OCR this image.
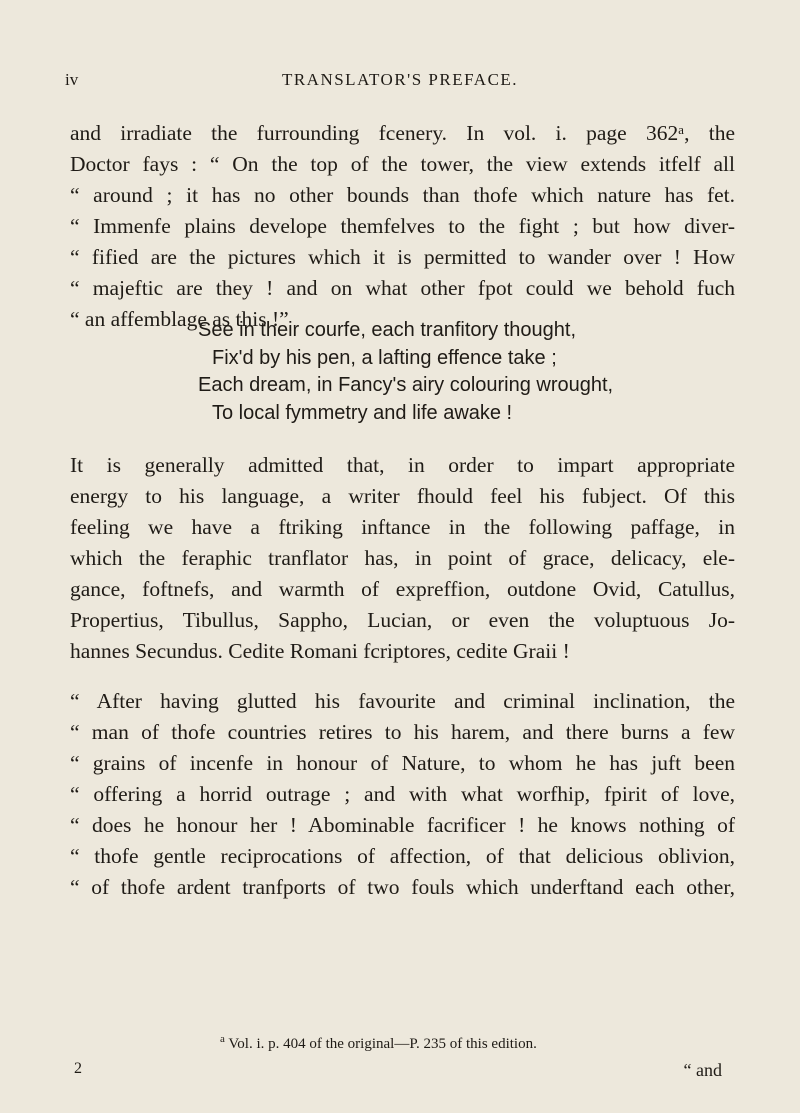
iv	TRANSLATOR'S PREFACE.
and irradiate the furrounding fcenery. In vol. i. page 362ᵃ, the
Doctor fays : “ On the top of the tower, the view extends itfelf all
“ around ; it has no other bounds than thofe which nature has fet.
“ Immenfe plains develope themfelves to the fight ; but how diver-
“ fified are the pictures which it is permitted to wander over ! How
“ majeftic are they ! and on what other fpot could we behold fuch
“ an affemblage as this !”
See in their courfe, each tranfitory thought,
Fix'd by his pen, a lafting effence take ;
Each dream, in Fancy's airy colouring wrought,
To local fymmetry and life awake !
It is generally admitted that, in order to impart appropriate
energy to his language, a writer fhould feel his fubject. Of this
feeling we have a ftriking inftance in the following paffage, in
which the feraphic tranflator has, in point of grace, delicacy, ele-
gance, foftnefs, and warmth of expreffion, outdone Ovid, Catullus,
Propertius, Tibullus, Sappho, Lucian, or even the voluptuous Jo-
hannes Secundus. Cedite Romani fcriptores, cedite Graii !
“ After having glutted his favourite and criminal inclination, the
“ man of thofe countries retires to his harem, and there burns a few
“ grains of incenfe in honour of Nature, to whom he has juft been
“ offering a horrid outrage ; and with what worfhip, fpirit of love,
“ does he honour her ! Abominable facrificer ! he knows nothing of
“ thofe gentle reciprocations of affection, of that delicious oblivion,
“ of thofe ardent tranfports of two fouls which underftand each other,
$^a$ Vol. i. p. 404 of the original—P. 235 of this edition.
2	“ and
